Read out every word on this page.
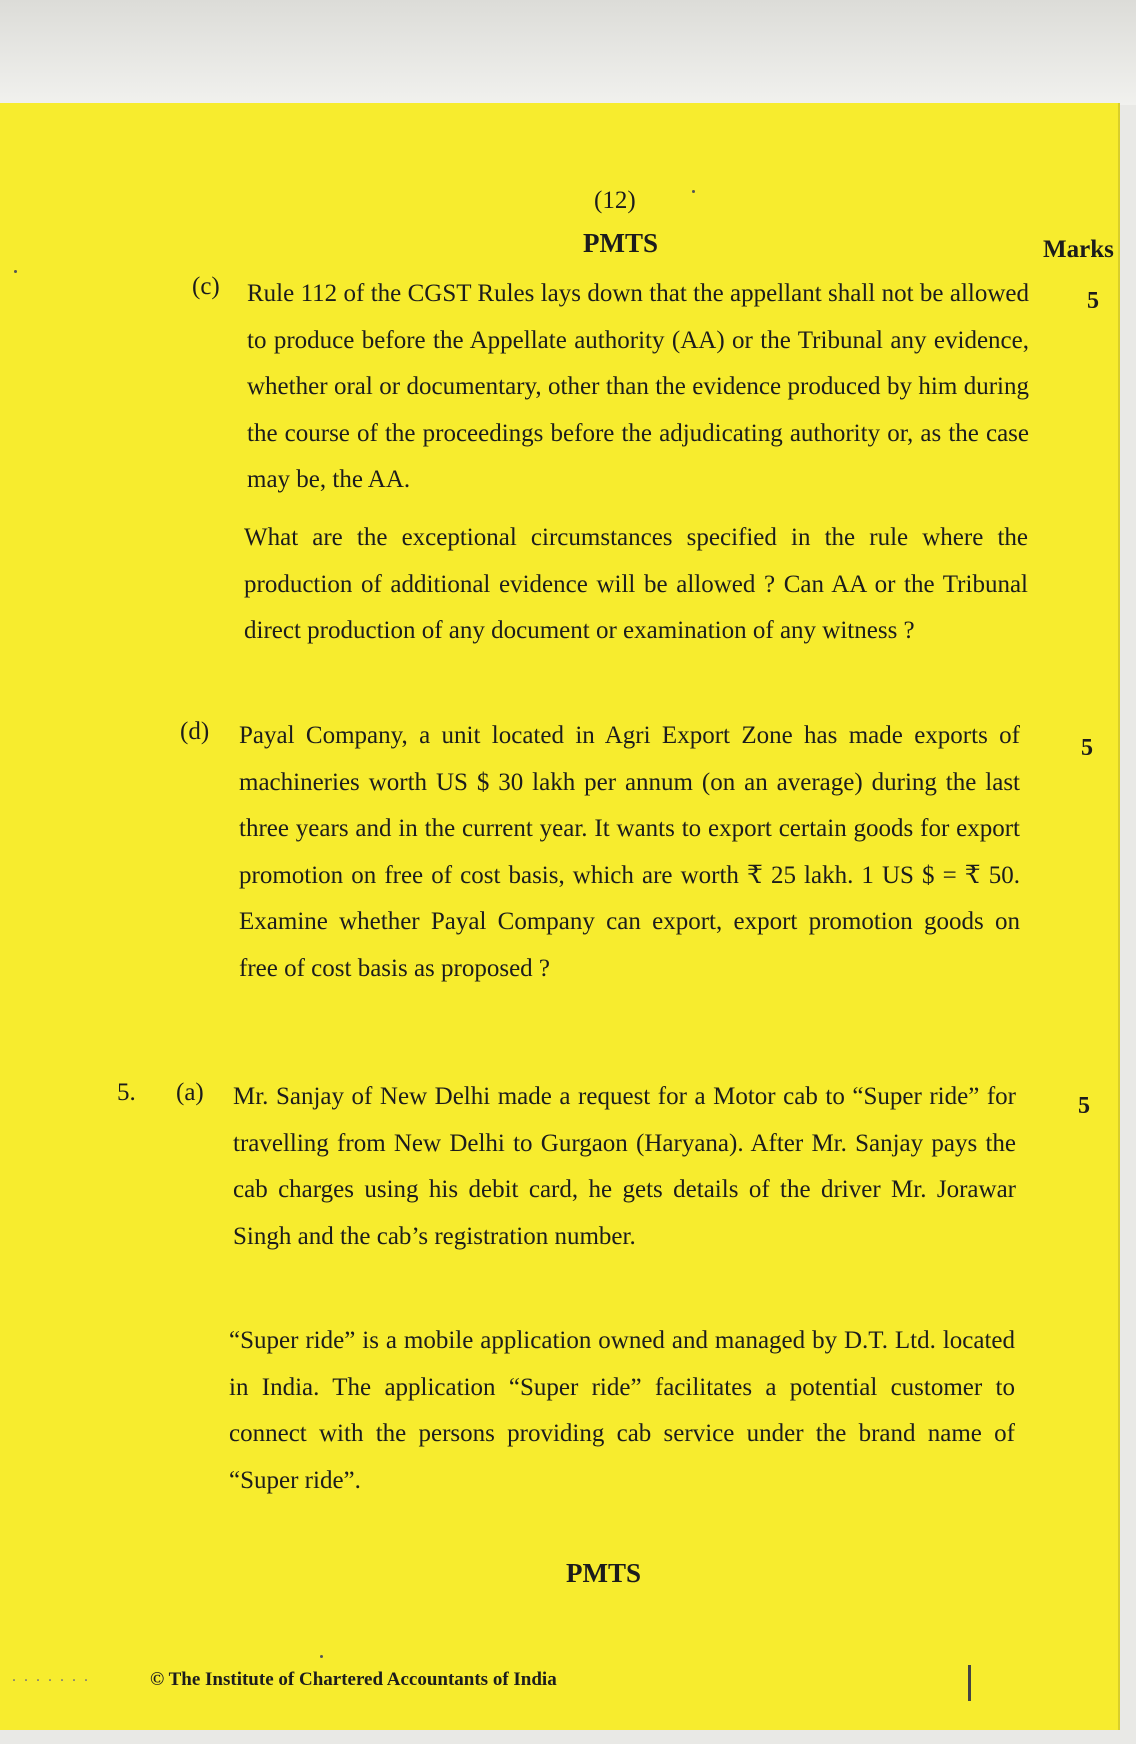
(12)
PMTS	Marks
(c)
5
Rule 112 of the CGST Rules lays down that the appellant shall not be allowed to produce before the Appellate authority (AA) or the Tribunal any evidence, whether oral or documentary, other than the evidence produced by him during the course of the proceedings before the adjudicating authority or, as the case may be, the AA.
What are the exceptional circumstances specified in the rule where the production of additional evidence will be allowed ? Can AA or the Tribunal direct production of any document or examination of any witness ?
(d)
5
Payal Company, a unit located in Agri Export Zone has made exports of machineries worth US $ 30 lakh per annum (on an average) during the last three years and in the current year. It wants to export certain goods for export promotion on free of cost basis, which are worth ₹ 25 lakh. 1 US $ = ₹ 50. Examine whether Payal Company can export, export promotion goods on free of cost basis as proposed ?
5. (a)	5
Mr. Sanjay of New Delhi made a request for a Motor cab to “Super ride” for travelling from New Delhi to Gurgaon (Haryana). After Mr. Sanjay pays the cab charges using his debit card, he gets details of the driver Mr. Jorawar Singh and the cab’s registration number.
“Super ride” is a mobile application owned and managed by D.T. Ltd. located in India. The application “Super ride” facilitates a potential customer to connect with the persons providing cab service under the brand name of “Super ride”.
PMTS
. . . . . . .	© The Institute of Chartered Accountants of India
